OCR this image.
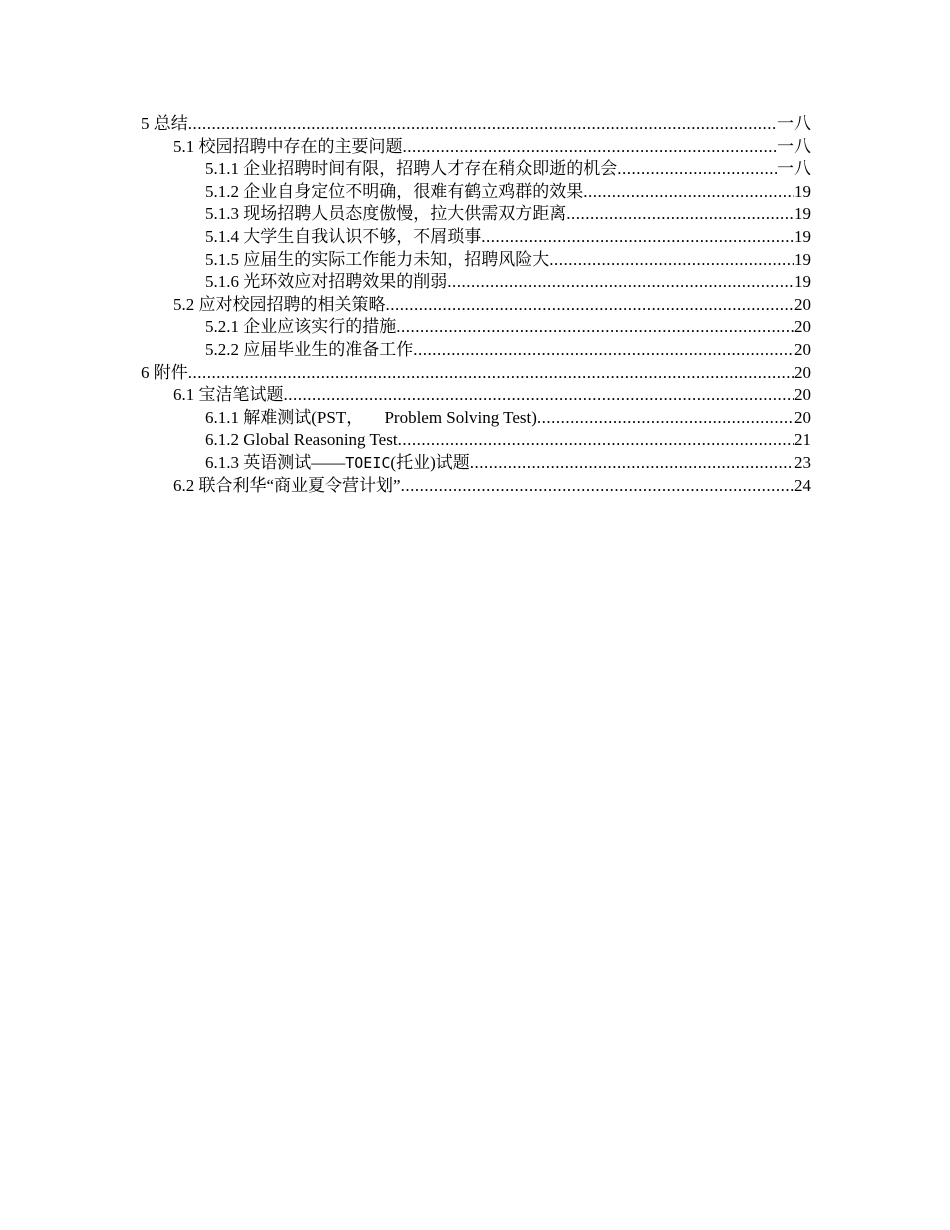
5 总结 .....	一八
5.1 校园招聘中存在的主要问题 .....	一八
5.1.1 企业招聘时间有限，招聘人才存在稍众即逝的机会 .....	一八
5.1.2 企业自身定位不明确，很难有鹤立鸡群的效果 .....	19
5.1.3 现场招聘人员态度傲慢，拉大供需双方距离 .....	19
5.1.4 大学生自我认识不够，不屑琐事 .....	19
5.1.5 应届生的实际工作能力未知，招聘风险大 .....	19
5.1.6 光环效应对招聘效果的削弱 .....	19
5.2 应对校园招聘的相关策略 .....	20
5.2.1 企业应该实行的措施 .....	20
5.2.2 应届毕业生的准备工作 .....	20
6 附件 .....	20
6.1 宝洁笔试题 .....	20
6.1.1 解难测试(PST，     Problem Solving Test) .....	20
6.1.2 Global Reasoning Test .....	21
6.1.3 英语测试——TOEIC(托业)试题 .....	23
6.2 联合利华“商业夏令营计划” .....	24
